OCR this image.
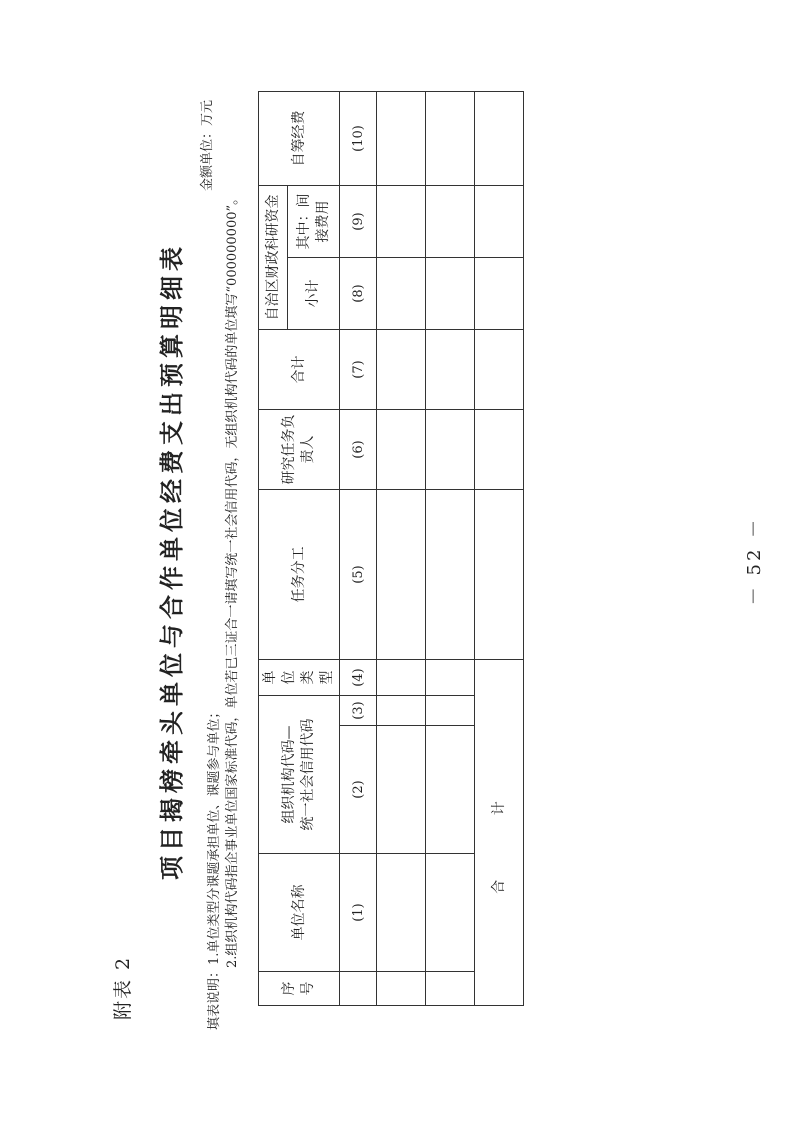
附表 2
项目揭榜牵头单位与合作单位经费支出预算明细表 填表说明：1.单位类型分课题承担单位、课题参与单位； 2.组织机构代码指企事业单位国家标准代码，单位若已三证合一请填写统一社会信用代码，无组织机构代码的单位填写“000000000”。
金额单位：万元
序号	单位名称	组织机构代码— 统一社会信用代码		单位类型	任务分工	研究任务负责人	合计	自治区财政科研资金		自筹经费
								小计	其中：间接费用	
	(1)	(2)	(3)	(4)	(5)	(6)	(7)	(8)	(9)	(10)

合 计										
－ 52 －
